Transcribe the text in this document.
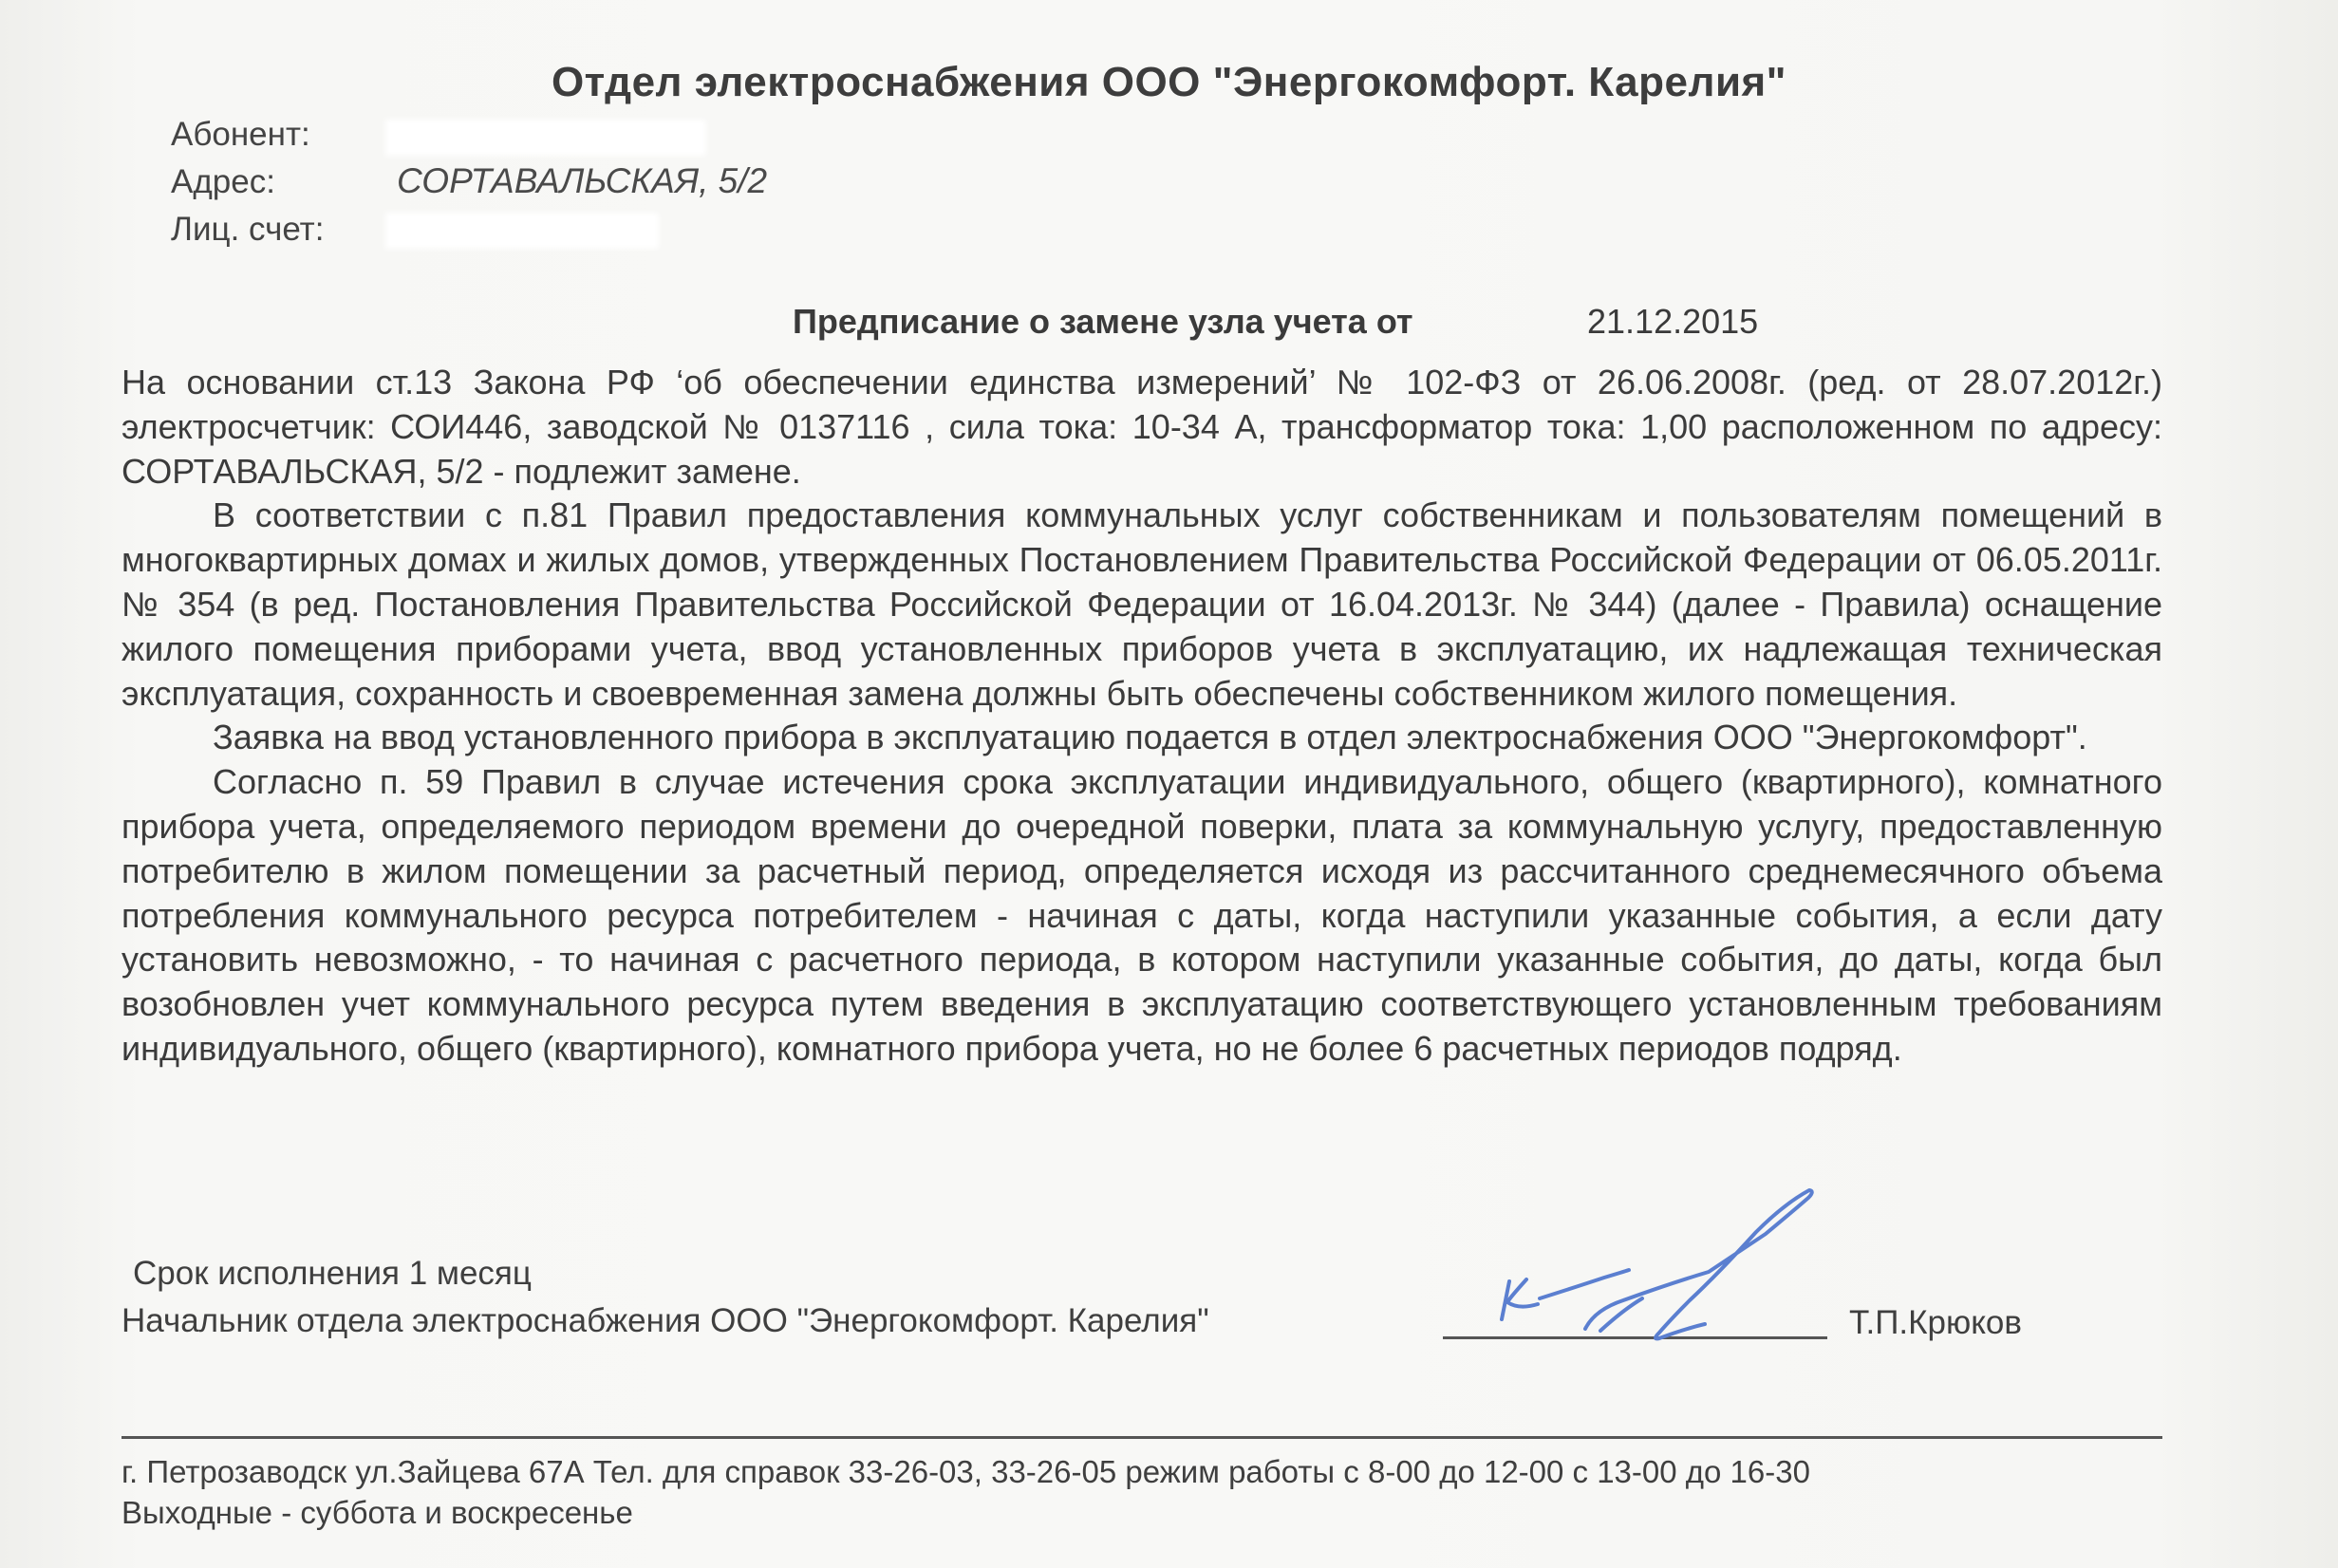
Отдел электроснабжения ООО "Энергокомфорт. Карелия"
Абонент:
Адрес:	СОРТАВАЛЬСКАЯ, 5/2
Лиц. счет:
Предписание о замене узла учета от	21.12.2015

На основании ст.13 Закона РФ ‘об обеспечении единства измерений’ № 102-ФЗ от 26.06.2008г. (ред. от 28.07.2012г.) электросчетчик: СОИ446, заводской № 0137116 , сила тока: 10-34 А, трансформатор тока: 1,00 расположенном по адресу: СОРТАВАЛЬСКАЯ, 5/2 - подлежит замене.

В соответствии с п.81 Правил предоставления коммунальных услуг собственникам и пользователям помещений в многоквартирных домах и жилых домов, утвержденных Постановлением Правительства Российской Федерации от 06.05.2011г. № 354 (в ред. Постановления Правительства Российской Федерации от 16.04.2013г. № 344) (далее - Правила) оснащение жилого помещения приборами учета, ввод установленных приборов учета в эксплуатацию, их надлежащая техническая эксплуатация, сохранность и своевременная замена должны быть обеспечены собственником жилого помещения.

Заявка на ввод установленного прибора в эксплуатацию подается в отдел электроснабжения ООО "Энергокомфорт".

Согласно п. 59 Правил в случае истечения срока эксплуатации индивидуального, общего (квартирного), комнатного прибора учета, определяемого периодом времени до очередной поверки, плата за коммунальную услугу, предоставленную потребителю в жилом помещении за расчетный период, определяется исходя из рассчитанного среднемесячного объема потребления коммунального ресурса потребителем - начиная с даты, когда наступили указанные события, а если дату установить невозможно, - то начиная с расчетного периода, в котором наступили указанные события, до даты, когда был возобновлен учет коммунального ресурса путем введения в эксплуатацию соответствующего установленным требованиям индивидуального, общего (квартирного), комнатного прибора учета, но не более 6 расчетных периодов подряд.

Срок исполнения 1 месяц
Начальник отдела электроснабжения ООО "Энергокомфорт. Карелия"	Т.П.Крюков
г. Петрозаводск ул.Зайцева 67А Тел. для справок 33-26-03, 33-26-05 режим работы с 8-00 до 12-00 с 13-00 до 16-30
Выходные - суббота и воскресенье
